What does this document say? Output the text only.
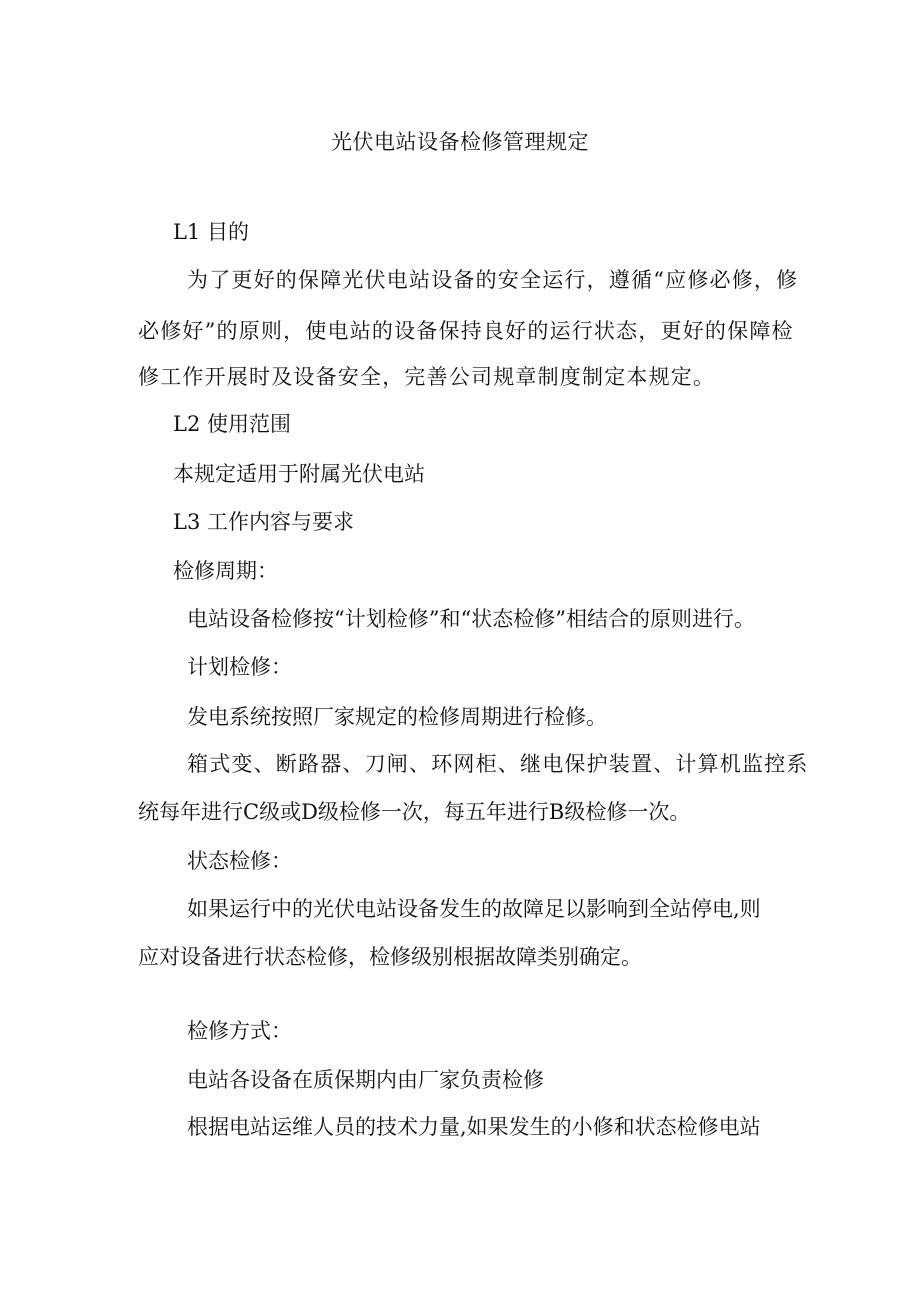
光伏电站设备检修管理规定
L1 目的
为了更好的保障光伏电站设备的安全运行，遵循“应修必修，修
必修好”的原则，使电站的设备保持良好的运行状态，更好的保障检
修工作开展时及设备安全，完善公司规章制度制定本规定。
L2 使用范围
本规定适用于附属光伏电站
L3 工作内容与要求
检修周期：
电站设备检修按“计划检修”和“状态检修”相结合的原则进行。
计划检修：
发电系统按照厂家规定的检修周期进行检修。
箱式变、断路器、刀闸、环网柜、继电保护装置、计算机监控系
统每年进行C级或D级检修一次，每五年进行B级检修一次。
状态检修：
如果运行中的光伏电站设备发生的故障足以影响到全站停电,则
应对设备进行状态检修，检修级别根据故障类别确定。
检修方式：
电站各设备在质保期内由厂家负责检修
根据电站运维人员的技术力量,如果发生的小修和状态检修电站
